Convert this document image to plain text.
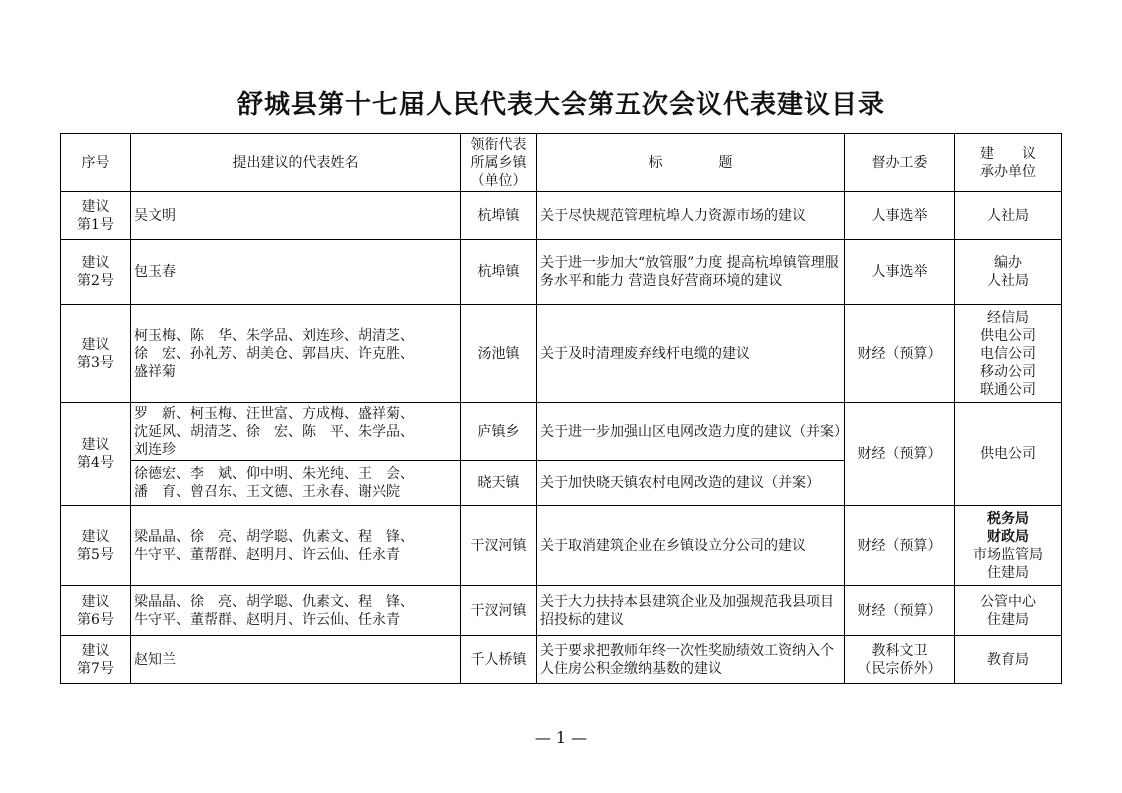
舒城县第十七届人民代表大会第五次会议代表建议目录
序号	提出建议的代表姓名	领衔代表
所属乡镇
（单位）	标　　　　题	督办工委	建　　议
承办单位

建议
第1号	吴文明	杭埠镇	关于尽快规范管理杭埠人力资源市场的建议	人事选举	人社局

建议
第2号	包玉春	杭埠镇	关于进一步加大“放管服”力度 提高杭埠镇管理服务水平和能力 营造良好营商环境的建议	人事选举	编办
人社局

建议
第3号	柯玉梅、陈　华、朱学品、刘连珍、胡清芝、
徐　宏、孙礼芳、胡美仓、郭昌庆、许克胜、
盛祥菊	汤池镇	关于及时清理废弃线杆电缆的建议	财经（预算）	经信局
供电公司
电信公司
移动公司
联通公司

建议
第4号	罗　新、柯玉梅、汪世富、方成梅、盛祥菊、
沈延风、胡清芝、徐　宏、陈　平、朱学品、
刘连珍	庐镇乡	关于进一步加强山区电网改造力度的建议（并案）	财经（预算）	供电公司

	徐德宏、李　斌、仰中明、朱光纯、王　会、
潘　育、曾召东、王文德、王永春、谢兴院	晓天镇	关于加快晓天镇农村电网改造的建议（并案）		

建议
第5号	梁晶晶、徐　亮、胡学聪、仇素文、程　锋、
牛守平、董帮群、赵明月、许云仙、任永青	干汊河镇	关于取消建筑企业在乡镇设立分公司的建议	财经（预算）	税务局
财政局
市场监管局
住建局

建议
第6号	梁晶晶、徐　亮、胡学聪、仇素文、程　锋、
牛守平、董帮群、赵明月、许云仙、任永青	干汊河镇	关于大力扶持本县建筑企业及加强规范我县项目招投标的建议	财经（预算）	公管中心
住建局

建议
第7号	赵知兰	千人桥镇	关于要求把教师年终一次性奖励绩效工资纳入个人住房公积金缴纳基数的建议	教科文卫
（民宗侨外）	教育局
— 1 —
